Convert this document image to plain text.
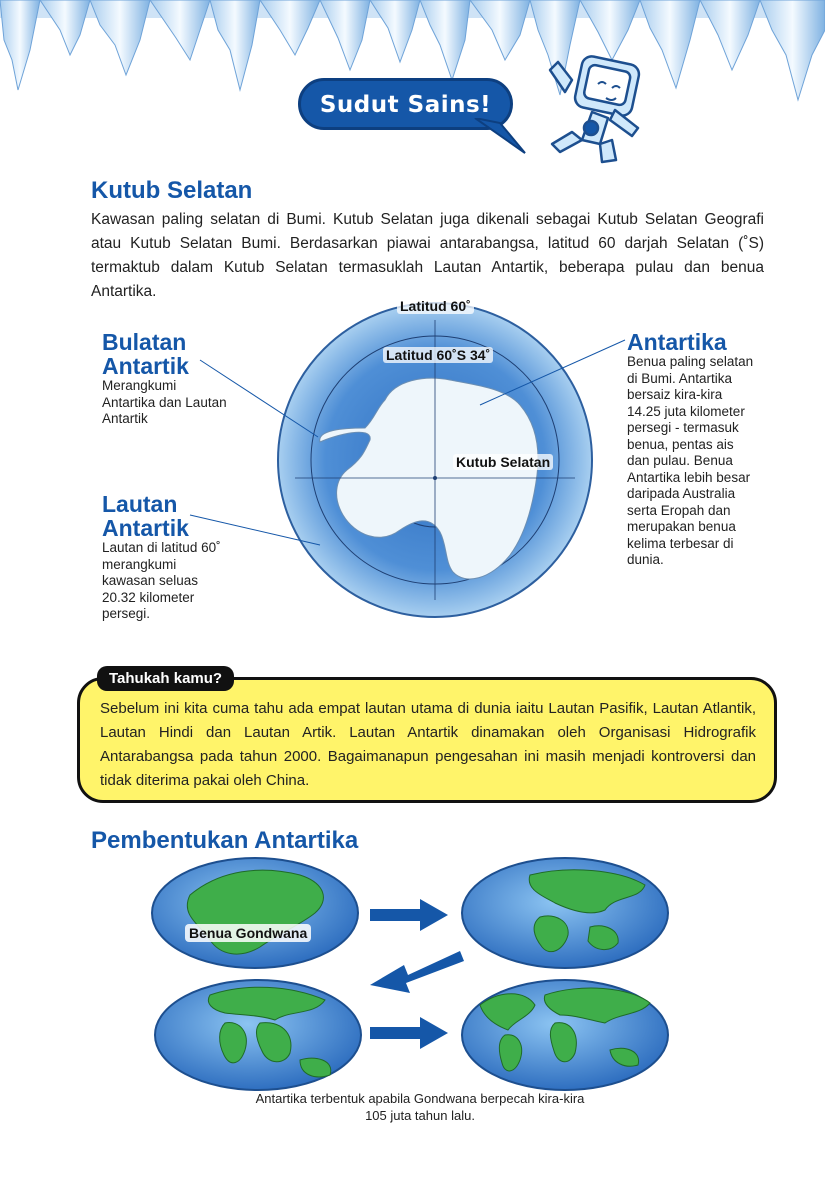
Sudut Sains!
Kutub Selatan
Kawasan paling selatan di Bumi. Kutub Selatan juga dikenali sebagai Kutub Selatan Geografi atau Kutub Selatan Bumi. Berdasarkan piawai antarabangsa, latitud 60 darjah Selatan (˚S) termaktub dalam Kutub Selatan termasuklah Lautan Antartik, beberapa pulau dan benua Antartika.
Latitud 60˚
Latitud 60˚S 34˚
Kutub Selatan
Bulatan
Antartik
Merangkumi Antartika dan Lautan Antartik
Lautan
Antartik
Lautan di latitud 60˚ merangkumi kawasan seluas 20.32 kilometer persegi.
Antartika
Benua paling selatan di Bumi. Antartika bersaiz kira-kira 14.25 juta kilometer persegi - termasuk benua, pentas ais dan pulau. Benua Antartika lebih besar daripada Australia serta Eropah dan merupakan benua kelima terbesar di dunia.
Tahukah kamu?
Sebelum ini kita cuma tahu ada empat lautan utama di dunia iaitu Lautan Pasifik, Lautan Atlantik, Lautan Hindi dan Lautan Artik. Lautan Antartik dinamakan oleh Organisasi Hidrografik Antarabangsa pada tahun 2000. Bagaimanapun pengesahan ini masih menjadi kontroversi dan tidak diterima pakai oleh China.
Pembentukan Antartika
Benua Gondwana
Antartika terbentuk apabila Gondwana berpecah kira-kira 105 juta tahun lalu.
